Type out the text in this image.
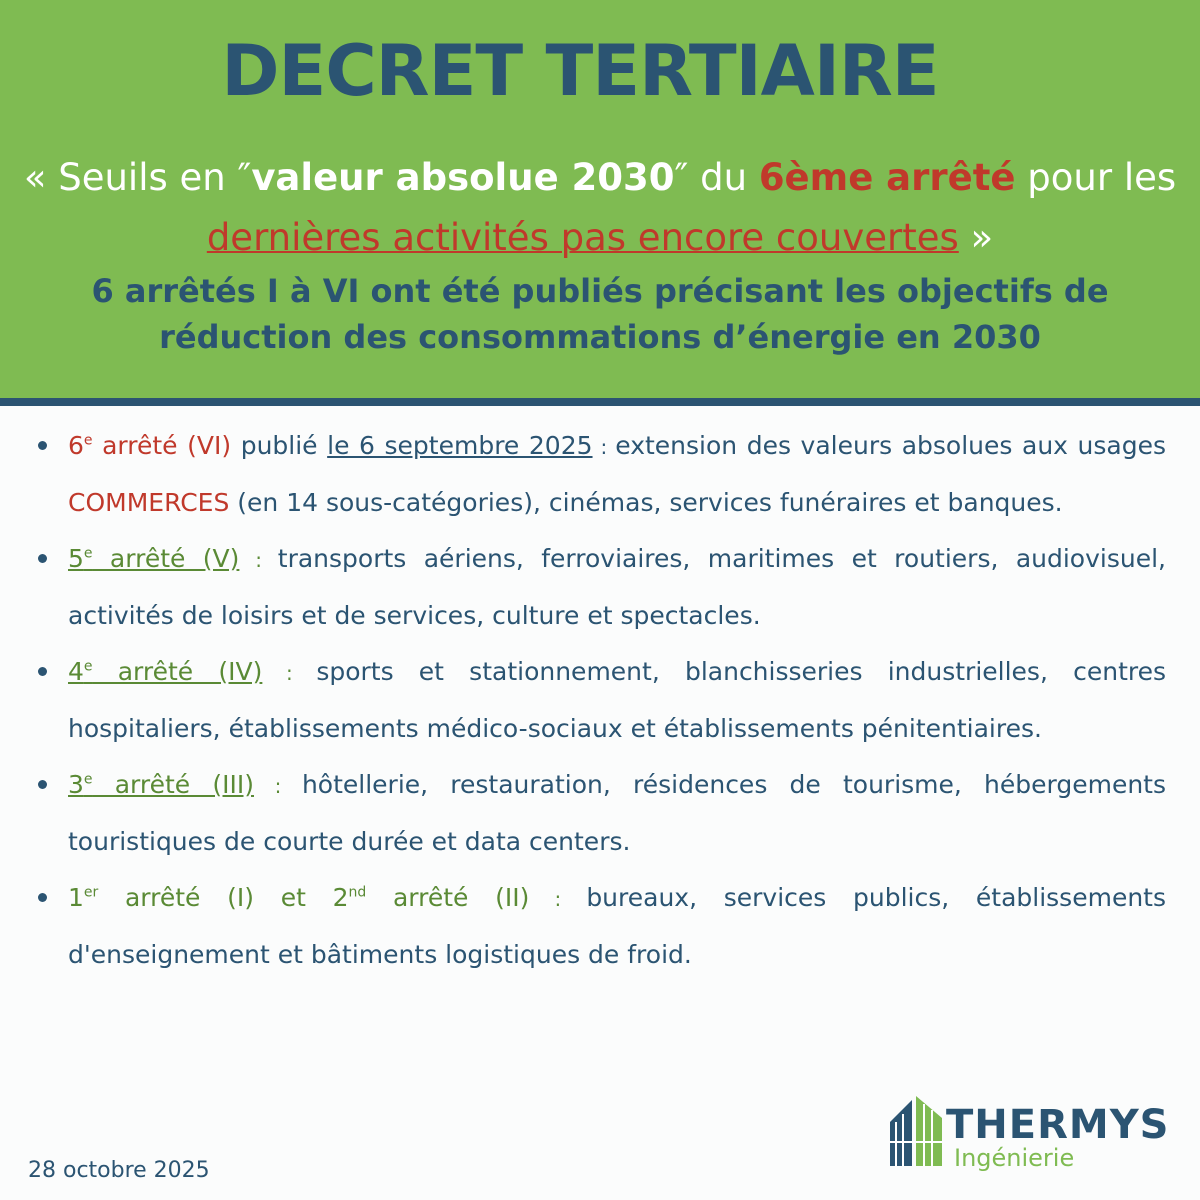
DECRET TERTIAIRE
« Seuils en ″valeur absolue 2030″ du 6ème arrêté pour les dernières activités pas encore couvertes »
6 arrêtés I à VI ont été publiés précisant les objectifs de réduction des consommations d’énergie en 2030
6e arrêté (VI) publié le 6 septembre 2025 : extension des valeurs absolues aux usages COMMERCES (en 14 sous-catégories), cinémas, services funéraires et banques.
5e arrêté (V) : transports aériens, ferroviaires, maritimes et routiers, audiovisuel, activités de loisirs et de services, culture et spectacles.
4e arrêté (IV) : sports et stationnement, blanchisseries industrielles, centres hospitaliers, établissements médico-sociaux et établissements pénitentiaires.
3e arrêté (III) : hôtellerie, restauration, résidences de tourisme, hébergements touristiques de courte durée et data centers.
1er arrêté (I) et 2nd arrêté (II) : bureaux, services publics, établissements d'enseignement et bâtiments logistiques de froid.
28 octobre 2025
THERMYS
Ingénierie
